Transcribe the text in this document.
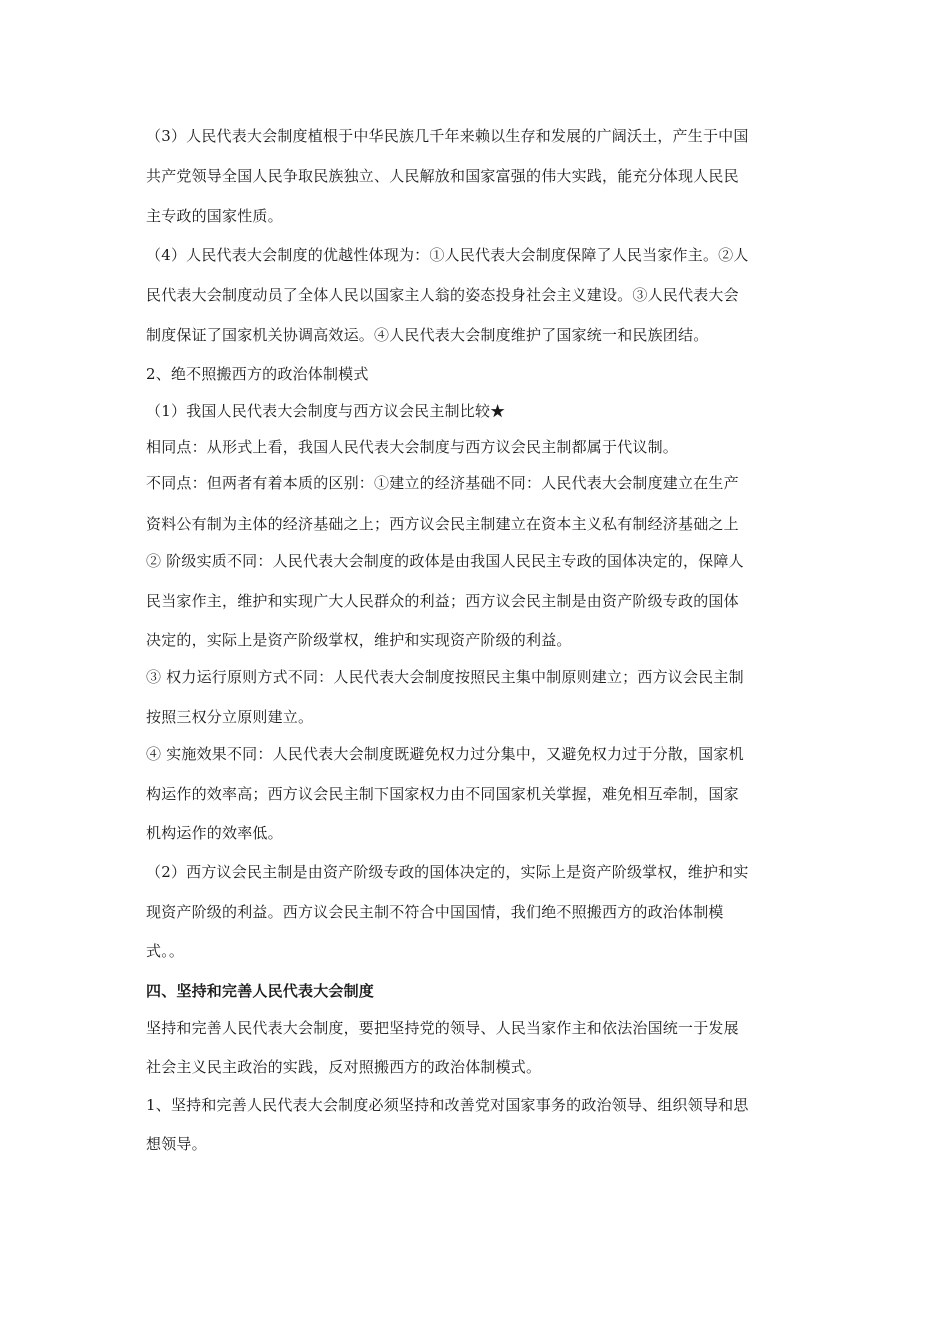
（3）人民代表大会制度植根于中华民族几千年来赖以生存和发展的广阔沃土，产生于中国
共产党领导全国人民争取民族独立、人民解放和国家富强的伟大实践，能充分体现人民民
主专政的国家性质。
（4）人民代表大会制度的优越性体现为：①人民代表大会制度保障了人民当家作主。②人
民代表大会制度动员了全体人民以国家主人翁的姿态投身社会主义建设。③人民代表大会
制度保证了国家机关协调高效运。④人民代表大会制度维护了国家统一和民族团结。
2、绝不照搬西方的政治体制模式
（1）我国人民代表大会制度与西方议会民主制比较★
相同点：从形式上看，我国人民代表大会制度与西方议会民主制都属于代议制。
不同点：但两者有着本质的区别：①建立的经济基础不同：人民代表大会制度建立在生产
资料公有制为主体的经济基础之上；西方议会民主制建立在资本主义私有制经济基础之上
② 阶级实质不同：人民代表大会制度的政体是由我国人民民主专政的国体决定的，保障人
民当家作主，维护和实现广大人民群众的利益；西方议会民主制是由资产阶级专政的国体
决定的，实际上是资产阶级掌权，维护和实现资产阶级的利益。
③ 权力运行原则方式不同：人民代表大会制度按照民主集中制原则建立；西方议会民主制
按照三权分立原则建立。
④ 实施效果不同：人民代表大会制度既避免权力过分集中，又避免权力过于分散，国家机
构运作的效率高；西方议会民主制下国家权力由不同国家机关掌握，难免相互牵制，国家
机构运作的效率低。
（2）西方议会民主制是由资产阶级专政的国体决定的，实际上是资产阶级掌权，维护和实
现资产阶级的利益。西方议会民主制不符合中国国情，我们绝不照搬西方的政治体制模
式。。
四、坚持和完善人民代表大会制度
坚持和完善人民代表大会制度，要把坚持党的领导、人民当家作主和依法治国统一于发展
社会主义民主政治的实践，反对照搬西方的政治体制模式。
1、坚持和完善人民代表大会制度必须坚持和改善党对国家事务的政治领导、组织领导和思
想领导。
